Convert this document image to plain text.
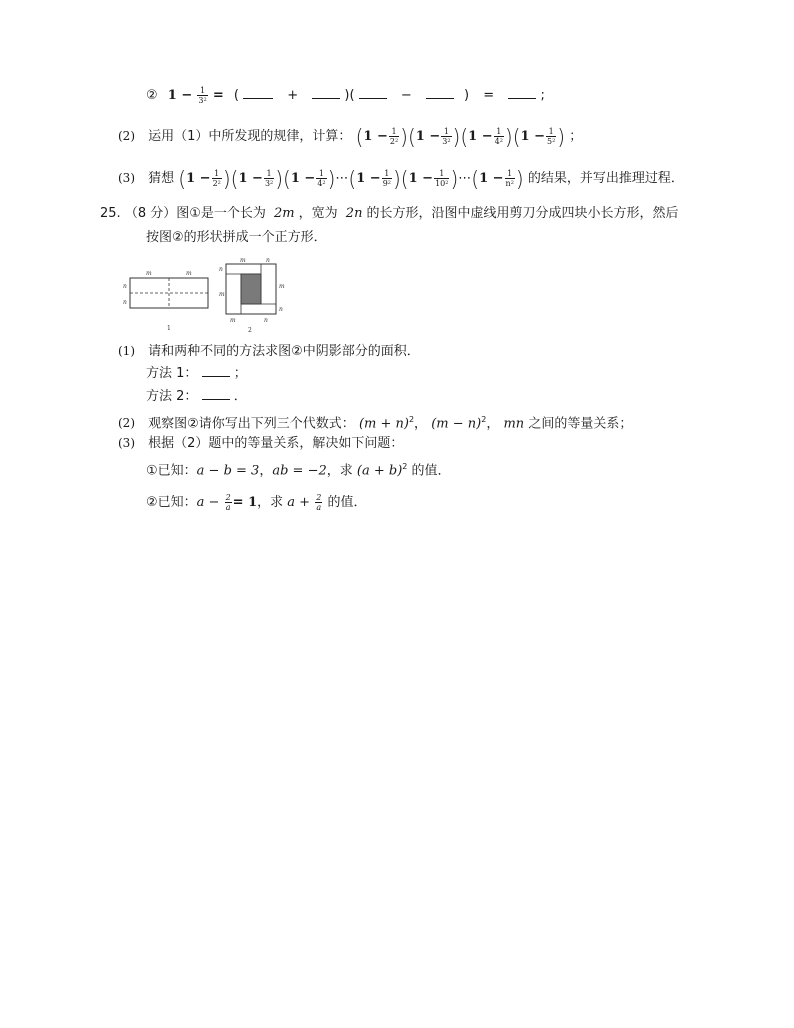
② $1 - \frac{1}{3^2}$ = (	+	)(	−	) =	;
(2) 运用（1）中所发现的规律，计算： $(1 - \frac{1}{2^2} )(1 - \frac{1}{3^2} )(1 - \frac{1}{4^2} )(1 - \frac{1}{5^2}$ ) ；
(3) 猜想 $(1 - \frac{1}{2^2} )(1 - \frac{1}{3^2} )(1 - \frac{1}{4^2}$ )⋯(1 − $\frac{1}{9^2} )(1 - \frac{1}{10^2}$ )⋯(1 − $\frac{1}{n^2}$ ) 的结果，并写出推理过程．
25. （8 分）图①是一个长为 2m ，宽为 2n 的长方形，沿图中虚线用剪刀分成四块小长方形，然后
按图②的形状拼成一个正方形．
m	m
n
n
1
m	n
m
n
n
m
m	n
2
(1) 请和两种不同的方法求图②中阴影部分的面积．
方法 1：	；
方法 2：	．
(2) 观察图②请你写出下列三个代数式： $(m + n)^2$， $(m - n)^2$， mn 之间的等量关系；
(3) 根据（2）题中的等量关系，解决如下问题：
①已知：a − b = 3，ab = −2，求 $(a + b)^2$ 的值．
②已知：$a - \frac{2}{a} = 1$，求 $a + \frac{2}{a}$ 的值．
